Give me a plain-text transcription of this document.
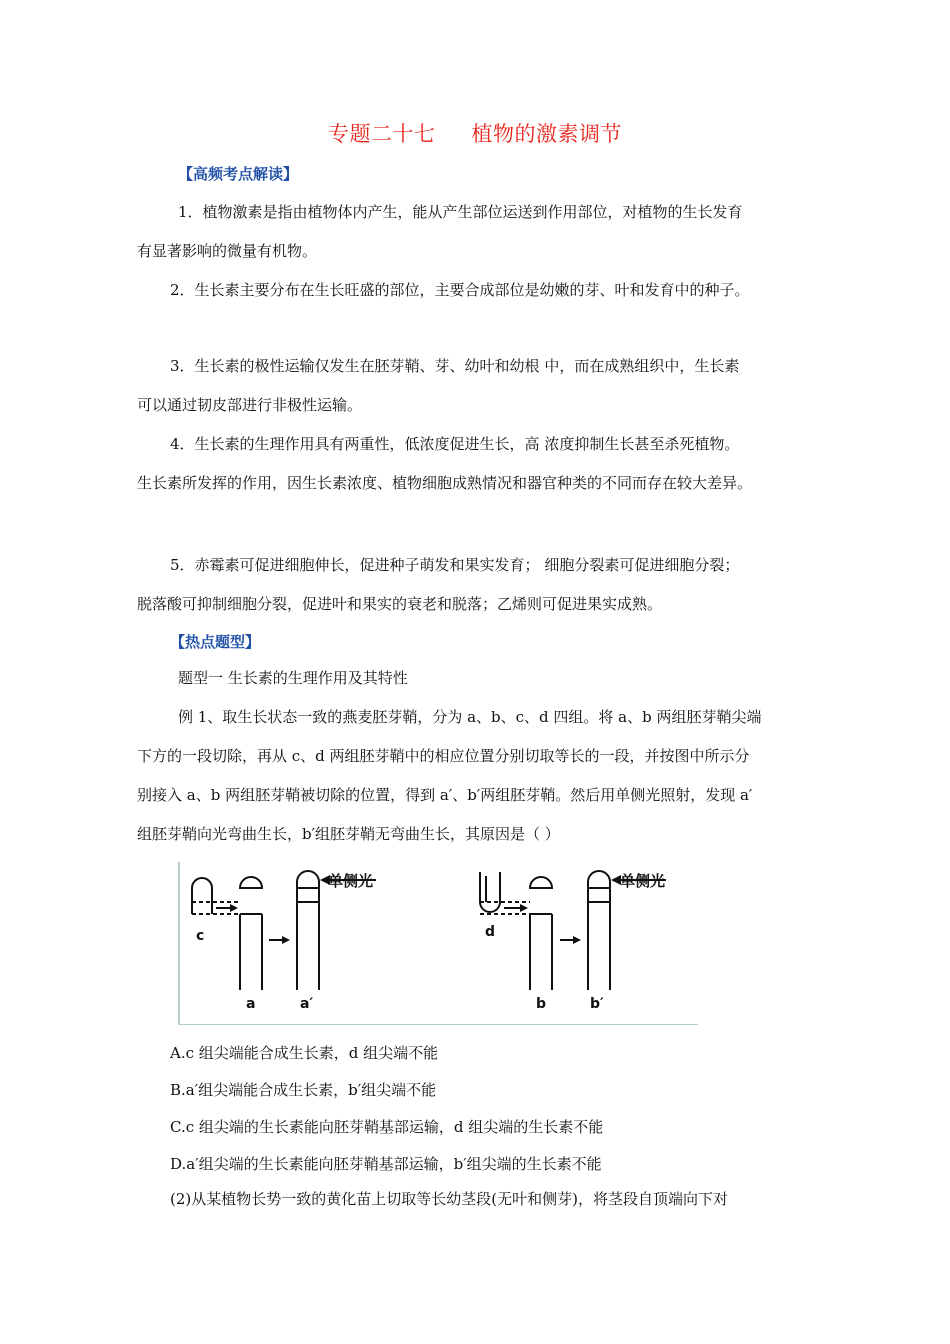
专题二十七 植物的激素调节
【高频考点解读】
1．植物激素是指由植物体内产生，能从产生部位运送到作用部位，对植物的生长发育
有显著影响的微量有机物。
2．生长素主要分布在生长旺盛的部位，主要合成部位是幼嫩的芽、叶和发育中的种子。
3．生长素的极性运输仅发生在胚芽鞘、芽、幼叶和幼根 中，而在成熟组织中，生长素
可以通过韧皮部进行非极性运输。
4．生长素的生理作用具有两重性，低浓度促进生长，高 浓度抑制生长甚至杀死植物。
生长素所发挥的作用，因生长素浓度、植物细胞成熟情况和器官种类的不同而存在较大差异。
5．赤霉素可促进细胞伸长，促进种子萌发和果实发育； 细胞分裂素可促进细胞分裂；
脱落酸可抑制细胞分裂，促进叶和果实的衰老和脱落；乙烯则可促进果实成熟。
【热点题型】
题型一 生长素的生理作用及其特性
例 1、取生长状态一致的燕麦胚芽鞘，分为 a、b、c、d 四组。将 a、b 两组胚芽鞘尖端
下方的一段切除，再从 c、d 两组胚芽鞘中的相应位置分别切取等长的一段，并按图中所示分
别接入 a、b 两组胚芽鞘被切除的位置，得到 a′、b′两组胚芽鞘。然后用单侧光照射，发现 a′
组胚芽鞘向光弯曲生长，b′组胚芽鞘无弯曲生长，其原因是（ ）
单侧光	单侧光
c
a	a′
d
b	b′
A.c 组尖端能合成生长素，d 组尖端不能
B.a′组尖端能合成生长素，b′组尖端不能
C.c 组尖端的生长素能向胚芽鞘基部运输，d 组尖端的生长素不能
D.a′组尖端的生长素能向胚芽鞘基部运输，b′组尖端的生长素不能
(2)从某植物长势一致的黄化苗上切取等长幼茎段(无叶和侧芽)，将茎段自顶端向下对
